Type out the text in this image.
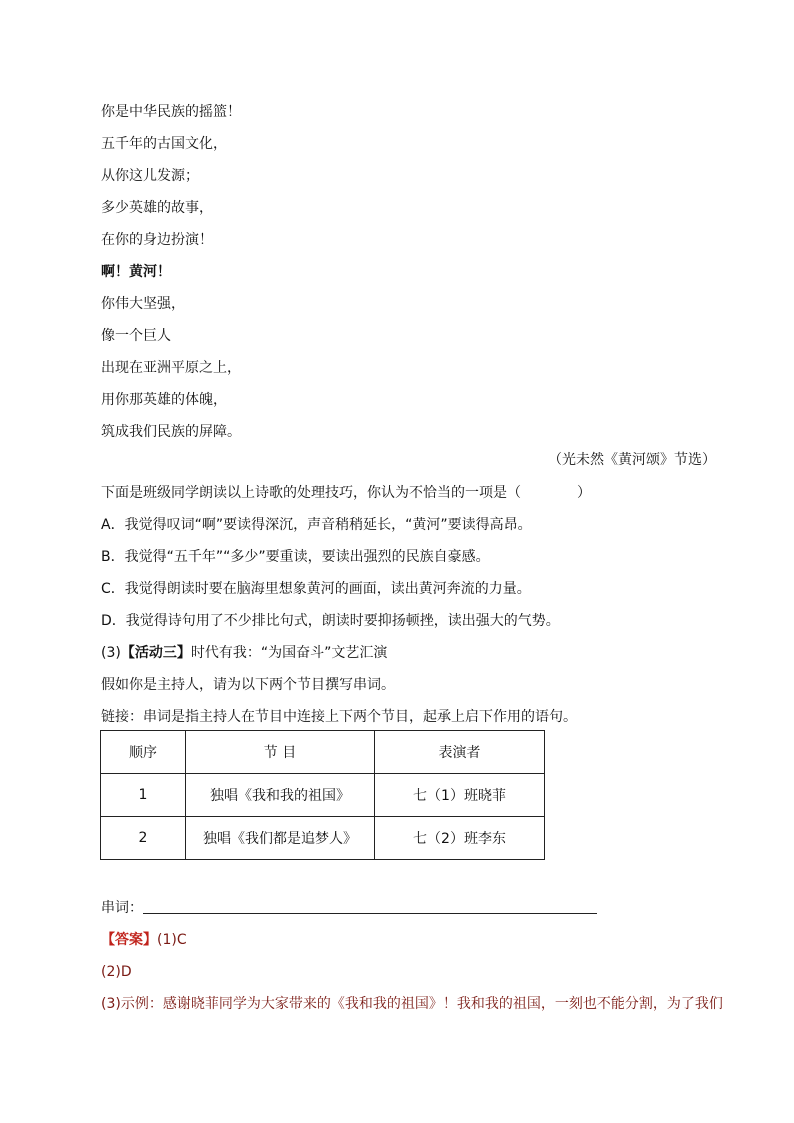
你是中华民族的摇篮！
五千年的古国文化，
从你这儿发源；
多少英雄的故事，
在你的身边扮演！
啊！黄河！
你伟大坚强，
像一个巨人
出现在亚洲平原之上，
用你那英雄的体魄，
筑成我们民族的屏障。
（光未然《黄河颂》节选）
下面是班级同学朗读以上诗歌的处理技巧，你认为不恰当的一项是（　　　　）
A．我觉得叹词“啊”要读得深沉，声音稍稍延长，“黄河”要读得高昂。
B．我觉得“五千年”“多少”要重读，要读出强烈的民族自豪感。
C．我觉得朗读时要在脑海里想象黄河的画面，读出黄河奔流的力量。
D．我觉得诗句用了不少排比句式，朗读时要抑扬顿挫，读出强大的气势。
(3)【活动三】时代有我：“为国奋斗”文艺汇演
假如你是主持人，请为以下两个节目撰写串词。
链接：串词是指主持人在节目中连接上下两个节目，起承上启下作用的语句。
顺序	节 目	表演者
1	独唱《我和我的祖国》	七（1）班晓菲
2	独唱《我们都是追梦人》	七（2）班李东
串词：
【答案】(1)C
(2)D
(3)示例：感谢晓菲同学为大家带来的《我和我的祖国》！我和我的祖国，一刻也不能分割，为了我们
